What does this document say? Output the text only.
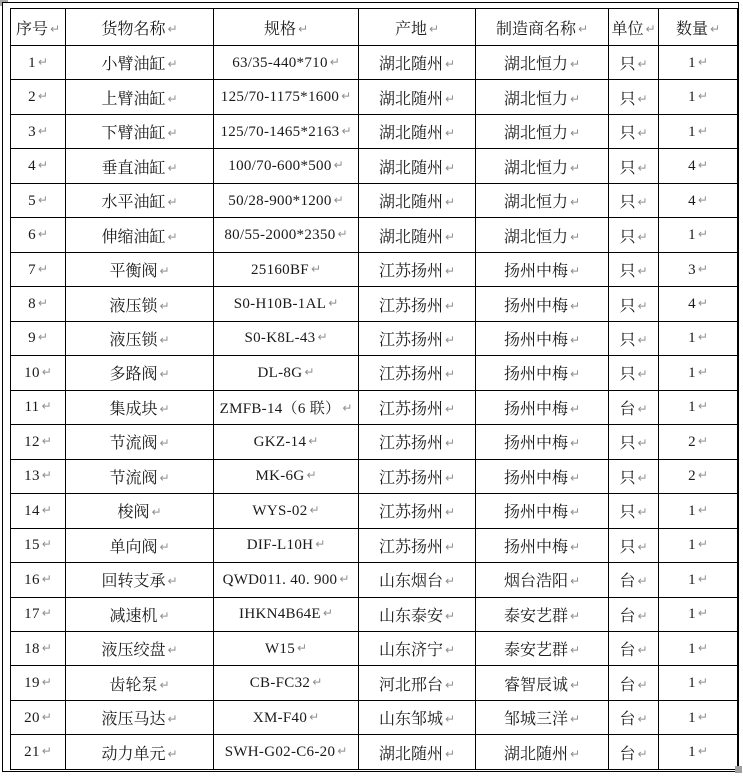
序号 ↵	货物名称 ↵	规格 ↵	产地 ↵	制造商名称 ↵	单位 ↵	数量 ↵
1 ↵	小臂油缸 ↵	63/35-440*710 ↵	湖北随州 ↵	湖北恒力 ↵	只 ↵	1 ↵
2 ↵	上臂油缸 ↵	125/70-1175*1600 ↵	湖北随州 ↵	湖北恒力 ↵	只 ↵	1 ↵
3 ↵	下臂油缸 ↵	125/70-1465*2163 ↵	湖北随州 ↵	湖北恒力 ↵	只 ↵	1 ↵
4 ↵	垂直油缸 ↵	100/70-600*500 ↵	湖北随州 ↵	湖北恒力 ↵	只 ↵	4 ↵
5 ↵	水平油缸 ↵	50/28-900*1200 ↵	湖北随州 ↵	湖北恒力 ↵	只 ↵	4 ↵
6 ↵	伸缩油缸 ↵	80/55-2000*2350 ↵	湖北随州 ↵	湖北恒力 ↵	只 ↵	1 ↵
7 ↵	平衡阀 ↵	25160BF ↵	江苏扬州 ↵	扬州中梅 ↵	只 ↵	3 ↵
8 ↵	液压锁 ↵	S0-H10B-1AL ↵	江苏扬州 ↵	扬州中梅 ↵	只 ↵	4 ↵
9 ↵	液压锁 ↵	S0-K8L-43 ↵	江苏扬州 ↵	扬州中梅 ↵	只 ↵	1 ↵
10 ↵	多路阀 ↵	DL-8G ↵	江苏扬州 ↵	扬州中梅 ↵	只 ↵	1 ↵
11 ↵	集成块 ↵	ZMFB-14（6 联） ↵	江苏扬州 ↵	扬州中梅 ↵	台 ↵	1 ↵
12 ↵	节流阀 ↵	GKZ-14 ↵	江苏扬州 ↵	扬州中梅 ↵	只 ↵	2 ↵
13 ↵	节流阀 ↵	MK-6G ↵	江苏扬州 ↵	扬州中梅 ↵	只 ↵	2 ↵
14 ↵	梭阀 ↵	WYS-02 ↵	江苏扬州 ↵	扬州中梅 ↵	只 ↵	1 ↵
15 ↵	单向阀 ↵	DIF-L10H ↵	江苏扬州 ↵	扬州中梅 ↵	只 ↵	1 ↵
16 ↵	回转支承 ↵	QWD011. 40. 900 ↵	山东烟台 ↵	烟台浩阳 ↵	台 ↵	1 ↵
17 ↵	减速机 ↵	IHKN4B64E ↵	山东泰安 ↵	泰安艺群 ↵	台 ↵	1 ↵
18 ↵	液压绞盘 ↵	W15 ↵	山东济宁 ↵	泰安艺群 ↵	台 ↵	1 ↵
19 ↵	齿轮泵 ↵	CB-FC32 ↵	河北邢台 ↵	睿智辰诚 ↵	台 ↵	1 ↵
20 ↵	液压马达 ↵	XM-F40 ↵	山东邹城 ↵	邹城三洋 ↵	台 ↵	1 ↵
21 ↵	动力单元 ↵	SWH-G02-C6-20 ↵	湖北随州 ↵	湖北随州 ↵	台 ↵	1 ↵
